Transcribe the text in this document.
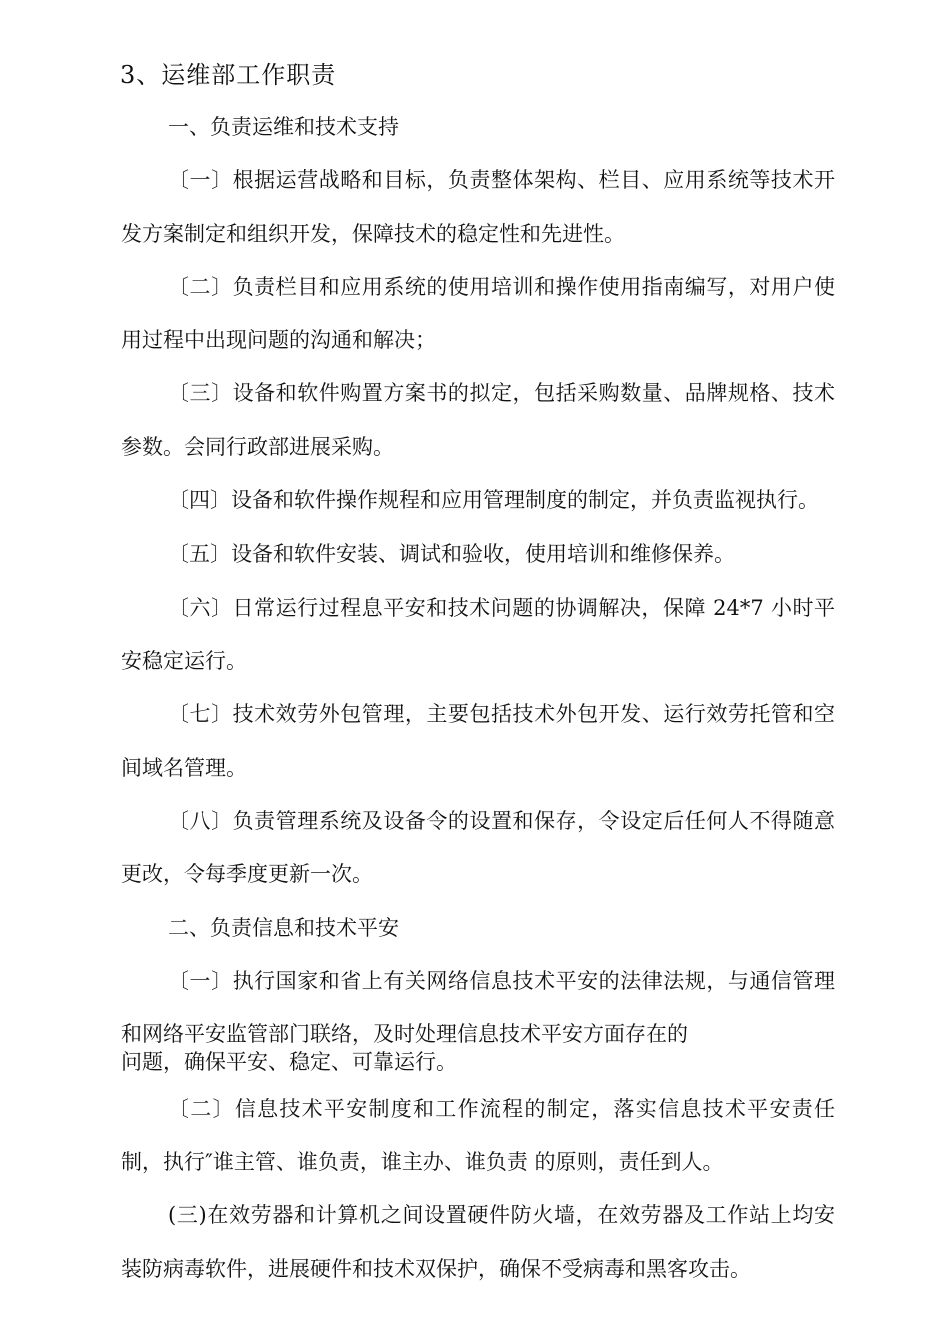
3、运维部工作职责
一、负责运维和技术支持
〔一〕根据运营战略和目标，负责整体架构、栏目、应用系统等技术开
发方案制定和组织开发，保障技术的稳定性和先进性。
〔二〕负责栏目和应用系统的使用培训和操作使用指南编写，对用户使
用过程中出现问题的沟通和解决；
〔三〕设备和软件购置方案书的拟定，包括采购数量、品牌规格、技术
参数。会同行政部进展采购。
〔四〕设备和软件操作规程和应用管理制度的制定，并负责监视执行。
〔五〕设备和软件安装、调试和验收，使用培训和维修保养。
〔六〕日常运行过程息平安和技术问题的协调解决，保障 24*7 小时平
安稳定运行。
〔七〕技术效劳外包管理，主要包括技术外包开发、运行效劳托管和空
间域名管理。
〔八〕负责管理系统及设备令的设置和保存，令设定后任何人不得随意
更改，令每季度更新一次。
二、负责信息和技术平安
〔一〕执行国家和省上有关网络信息技术平安的法律法规，与通信管理
和网络平安监管部门联络，及时处理信息技术平安方面存在的
问题，确保平安、稳定、可靠运行。
〔二〕信息技术平安制度和工作流程的制定，落实信息技术平安责任
制，执行″谁主管、谁负责，谁主办、谁负责 的原则，责任到人。
(三)在效劳器和计算机之间设置硬件防火墙，在效劳器及工作站上均安
装防病毒软件，进展硬件和技术双保护，确保不受病毒和黑客攻击。
